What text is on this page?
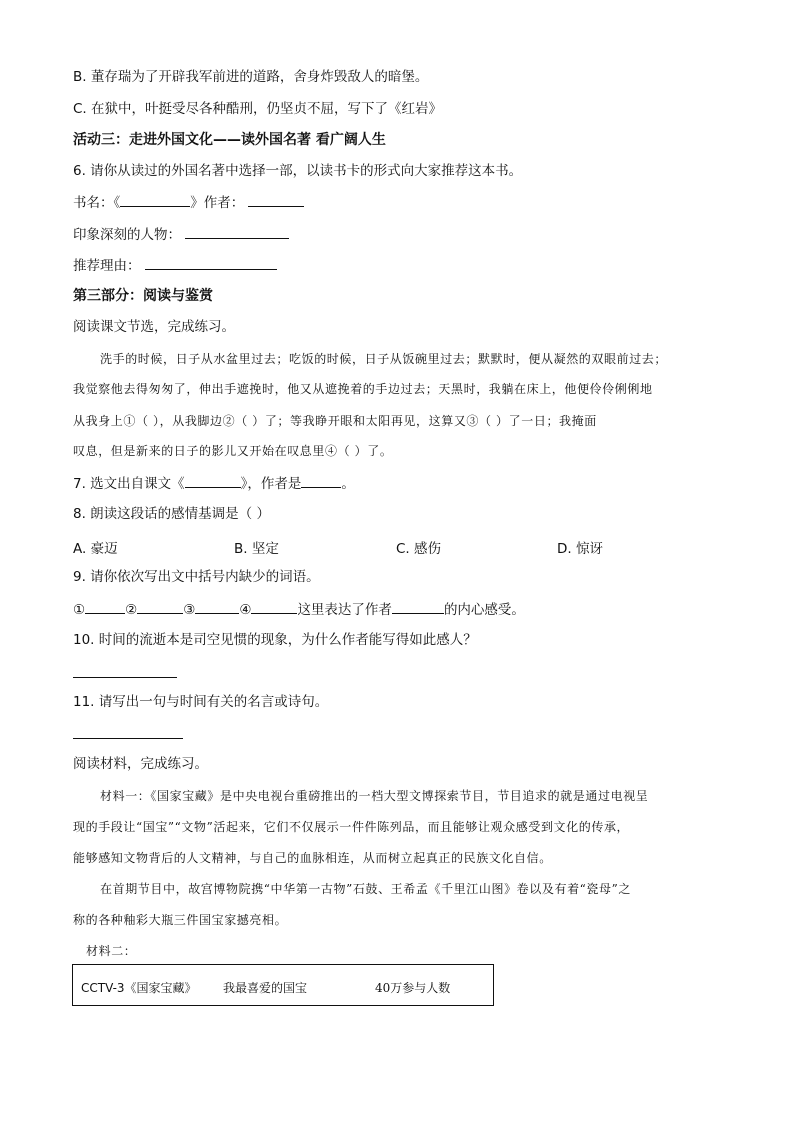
B. 董存瑞为了开辟我军前进的道路，舍身炸毁敌人的暗堡。
C. 在狱中，叶挺受尽各种酷刑，仍坚贞不屈，写下了《红岩》
活动三：走进外国文化——读外国名著 看广阔人生
6. 请你从读过的外国名著中选择一部，以读书卡的形式向大家推荐这本书。
书名：《	》作者：
印象深刻的人物：
推荐理由：
第三部分：阅读与鉴赏
阅读课文节选，完成练习。
洗手的时候，日子从水盆里过去；吃饭的时候，日子从饭碗里过去；默默时，便从凝然的双眼前过去；
我觉察他去得匆匆了，伸出手遮挽时，他又从遮挽着的手边过去；天黑时，我躺在床上，他便伶伶俐俐地
从我身上①（ ），从我脚边②（ ）了；等我睁开眼和太阳再见，这算又③（ ）了一日；我掩面
叹息，但是新来的日子的影儿又开始在叹息里④（ ）了。
7. 选文出自课文《	》，作者是	。
8. 朗读这段话的感情基调是（ ）
A. 豪迈	B. 坚定	C. 感伤	D. 惊讶
9. 请你依次写出文中括号内缺少的词语。
①	②	③	④	这里表达了作者	的内心感受。
10. 时间的流逝本是司空见惯的现象，为什么作者能写得如此感人？
11. 请写出一句与时间有关的名言或诗句。
阅读材料，完成练习。
材料一：《国家宝藏》是中央电视台重磅推出的一档大型文博探索节目，节目追求的就是通过电视呈
现的手段让“国宝”“文物”活起来，它们不仅展示一件件陈列品，而且能够让观众感受到文化的传承，
能够感知文物背后的人文精神，与自己的血脉相连，从而树立起真正的民族文化自信。
在首期节目中，故宫博物院携“中华第一古物”石鼓、王希孟《千里江山图》卷以及有着“瓷母”之
称的各种釉彩大瓶三件国宝家撼亮相。
材料二：
CCTV-3《国家宝藏》 我最喜爱的国宝	40万参与人数
